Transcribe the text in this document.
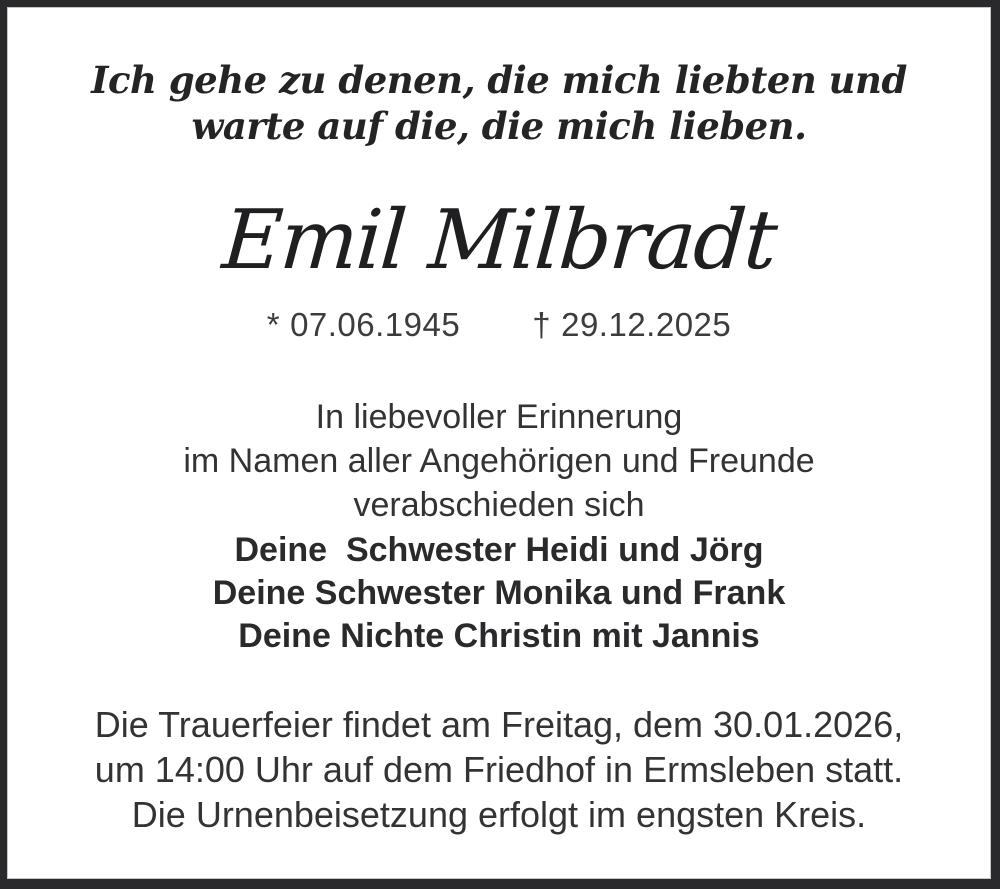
Ich gehe zu denen, die mich liebten und
warte auf die, die mich lieben.
Emil Milbradt
* 07.06.1945 † 29.12.2025
In liebevoller Erinnerung
im Namen aller Angehörigen und Freunde
verabschieden sich
Deine  Schwester Heidi und Jörg
Deine Schwester Monika und Frank
Deine Nichte Christin mit Jannis
Die Trauerfeier findet am Freitag, dem 30.01.2026,
um 14:00 Uhr auf dem Friedhof in Ermsleben statt.
Die Urnenbeisetzung erfolgt im engsten Kreis.
